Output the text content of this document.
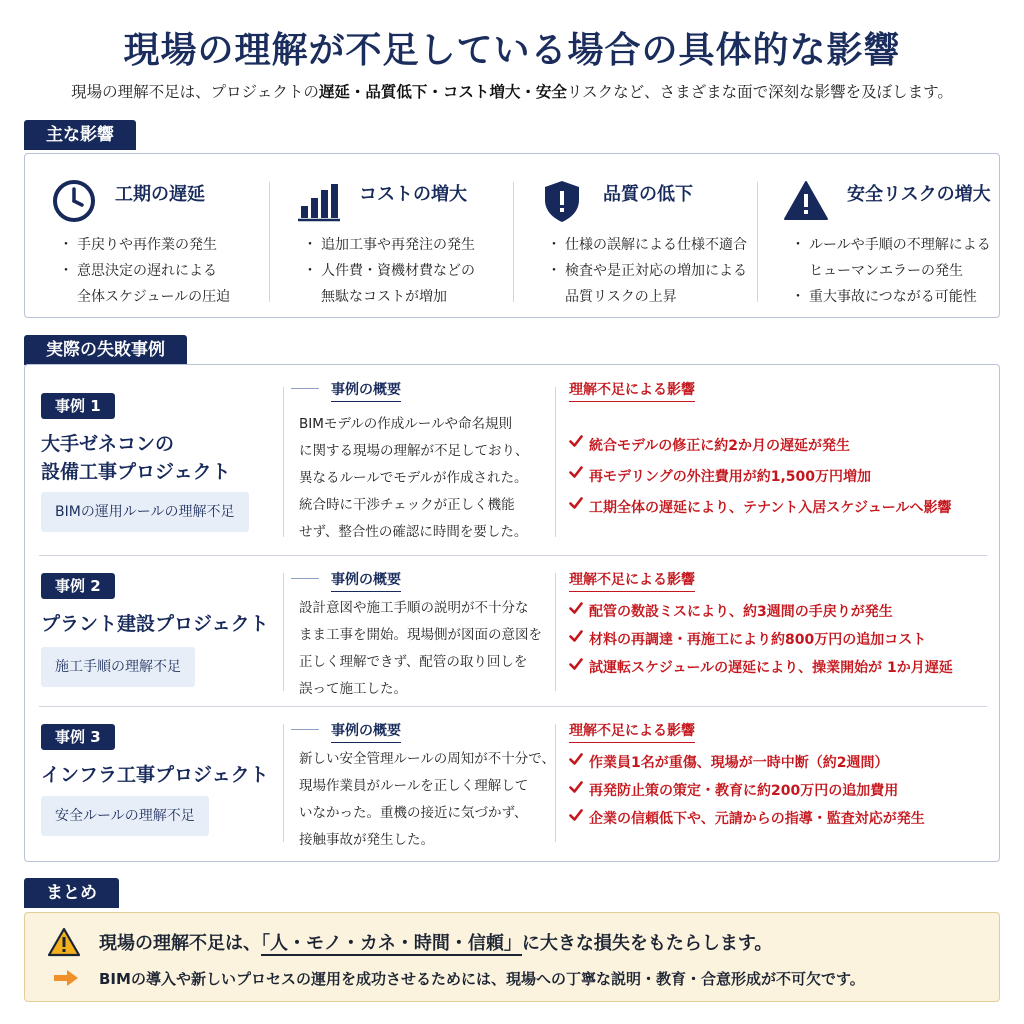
現場の理解が不足している場合の具体的な影響
現場の理解不足は、プロジェクトの遅延・品質低下・コスト増大・安全リスクなど、さまざまな面で深刻な影響を及ぼします。
主な影響
工期の遅延
・ 手戻りや再作業の発生
・ 意思決定の遅れによる
全体スケジュールの圧迫
コストの増大
・ 追加工事や再発注の発生
・ 人件費・資機材費などの
無駄なコストが増加
品質の低下
・ 仕様の誤解による仕様不適合
・ 検査や是正対応の増加による
品質リスクの上昇
安全リスクの増大
・ ルールや手順の不理解による
ヒューマンエラーの発生
・ 重大事故につながる可能性
実際の失敗事例
事例 1
大手ゼネコンの
設備工事プロジェクト
BIMの運用ルールの理解不足
事例の概要
BIMモデルの作成ルールや命名規則
に関する現場の理解が不足しており、
異なるルールでモデルが作成された。
統合時に干渉チェックが正しく機能
せず、整合性の確認に時間を要した。
理解不足による影響
統合モデルの修正に約2か月の遅延が発生
再モデリングの外注費用が約1,500万円増加
工期全体の遅延により、テナント入居スケジュールへ影響
事例 2
プラント建設プロジェクト
施工手順の理解不足
事例の概要
設計意図や施工手順の説明が不十分な
まま工事を開始。現場側が図面の意図を
正しく理解できず、配管の取り回しを
誤って施工した。
理解不足による影響
配管の数設ミスにより、約3週間の手戻りが発生
材料の再調達・再施工により約800万円の追加コスト
試運転スケジュールの遅延により、操業開始が 1か月遅延
事例 3
インフラ工事プロジェクト
安全ルールの理解不足
事例の概要
新しい安全管理ルールの周知が不十分で、
現場作業員がルールを正しく理解して
いなかった。重機の接近に気づかず、
接触事故が発生した。
理解不足による影響
作業員1名が重傷、現場が一時中断（約2週間）
再発防止策の策定・教育に約200万円の追加費用
企業の信頼低下や、元請からの指導・監査対応が発生
まとめ
現場の理解不足は、「人・モノ・カネ・時間・信頼」に大きな損失をもたらします。
BIMの導入や新しいプロセスの運用を成功させるためには、現場への丁寧な説明・教育・合意形成が不可欠です。
